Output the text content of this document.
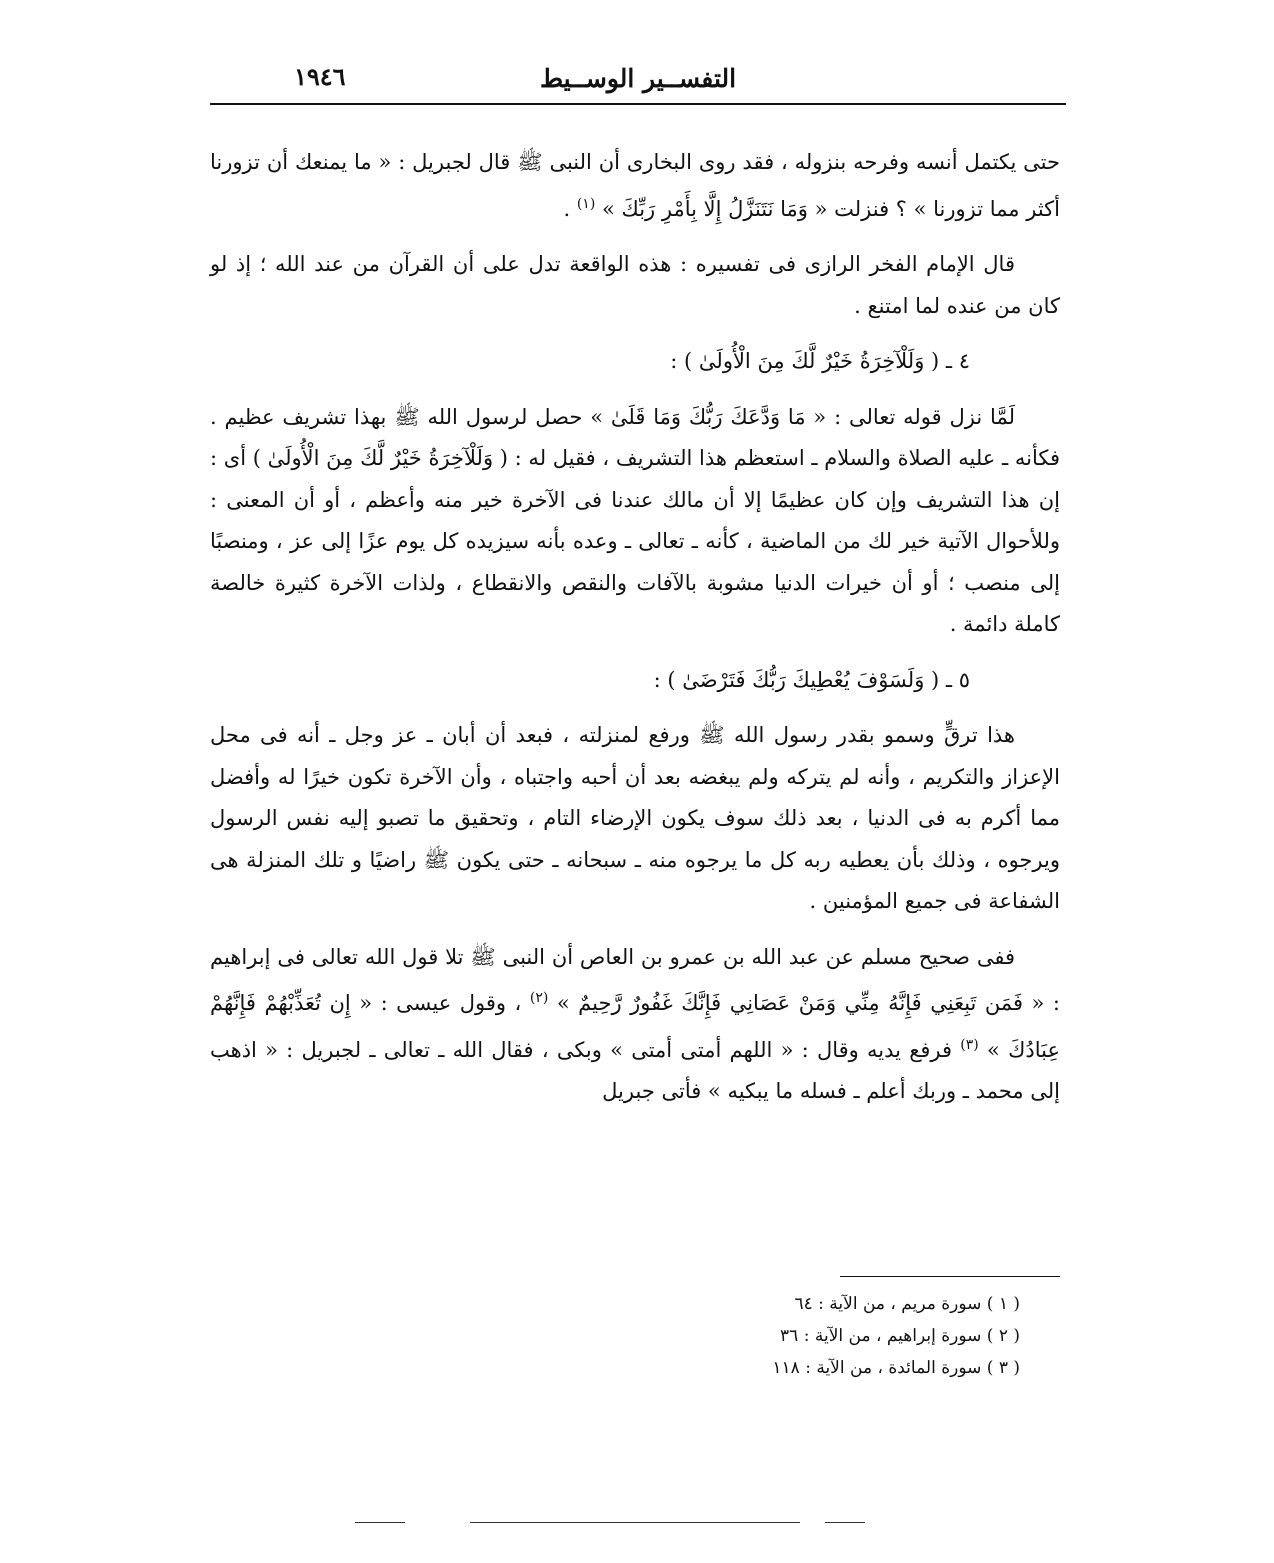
التفســير الوســيط
١٩٤٦

حتى يكتمل أنسه وفرحه بنزوله ، فقد روى البخارى أن النبى ﷺ قال لجبريل : « ما يمنعك أن تزورنا أكثر مما تزورنا » ؟ فنزلت « وَمَا نَتَنَزَّلُ إِلَّا بِأَمْرِ رَبِّكَ » $^{(١)}$ .

قال الإمام الفخر الرازى فى تفسيره : هذه الواقعة تدل على أن القرآن من عند الله ؛ إذ لو كان من عنده لما امتنع .

٤ ـ ( وَلَلْآخِرَةُ خَيْرٌ لَّكَ مِنَ الْأُولَىٰ ) :

لَمَّا نزل قوله تعالى : « مَا وَدَّعَكَ رَبُّكَ وَمَا قَلَىٰ » حصل لرسول الله ﷺ بهذا تشريف عظيم . فكأنه ـ عليه الصلاة والسلام ـ استعظم هذا التشريف ، فقيل له : ( وَلَلْآخِرَةُ خَيْرٌ لَّكَ مِنَ الْأُولَىٰ ) أى : إن هذا التشريف وإن كان عظيمًا إلا أن مالك عندنا فى الآخرة خير منه وأعظم ، أو أن المعنى : وللأحوال الآتية خير لك من الماضية ، كأنه ـ تعالى ـ وعده بأنه سيزيده كل يوم عزًا إلى عز ، ومنصبًا إلى منصب ؛ أو أن خيرات الدنيا مشوبة بالآفات والنقص والانقطاع ، ولذات الآخرة كثيرة خالصة كاملة دائمة .

٥ ـ ( وَلَسَوْفَ يُعْطِيكَ رَبُّكَ فَتَرْضَىٰ ) :

هذا ترقٍّ وسمو بقدر رسول الله ﷺ ورفع لمنزلته ، فبعد أن أبان ـ عز وجل ـ أنه فى محل الإعزاز والتكريم ، وأنه لم يتركه ولم يبغضه بعد أن أحبه واجتباه ، وأن الآخرة تكون خيرًا له وأفضل مما أكرم به فى الدنيا ، بعد ذلك سوف يكون الإرضاء التام ، وتحقيق ما تصبو إليه نفس الرسول ويرجوه ، وذلك بأن يعطيه ربه كل ما يرجوه منه ـ سبحانه ـ حتى يكون ﷺ راضيًا و تلك المنزلة هى الشفاعة فى جميع المؤمنين .

ففى صحيح مسلم عن عبد الله بن عمرو بن العاص أن النبى ﷺ تلا قول الله تعالى فى إبراهيم : « فَمَن تَبِعَنِي فَإِنَّهُ مِنِّي وَمَنْ عَصَانِي فَإِنَّكَ غَفُورٌ رَّحِيمٌ » $^{(٢)}$ ، وقول عيسى : « إِن تُعَذِّبْهُمْ فَإِنَّهُمْ عِبَادُكَ » $^{(٣)}$ فرفع يديه وقال : « اللهم أمتى أمتى » وبكى ، فقال الله ـ تعالى ـ لجبريل : « اذهب إلى محمد ـ وربك أعلم ـ فسله ما يبكيه » فأتى جبريل

( ١ ) سورة مريم ، من الآية : ٦٤

( ٢ ) سورة إبراهيم ، من الآية : ٣٦

( ٣ ) سورة المائدة ، من الآية : ١١٨
